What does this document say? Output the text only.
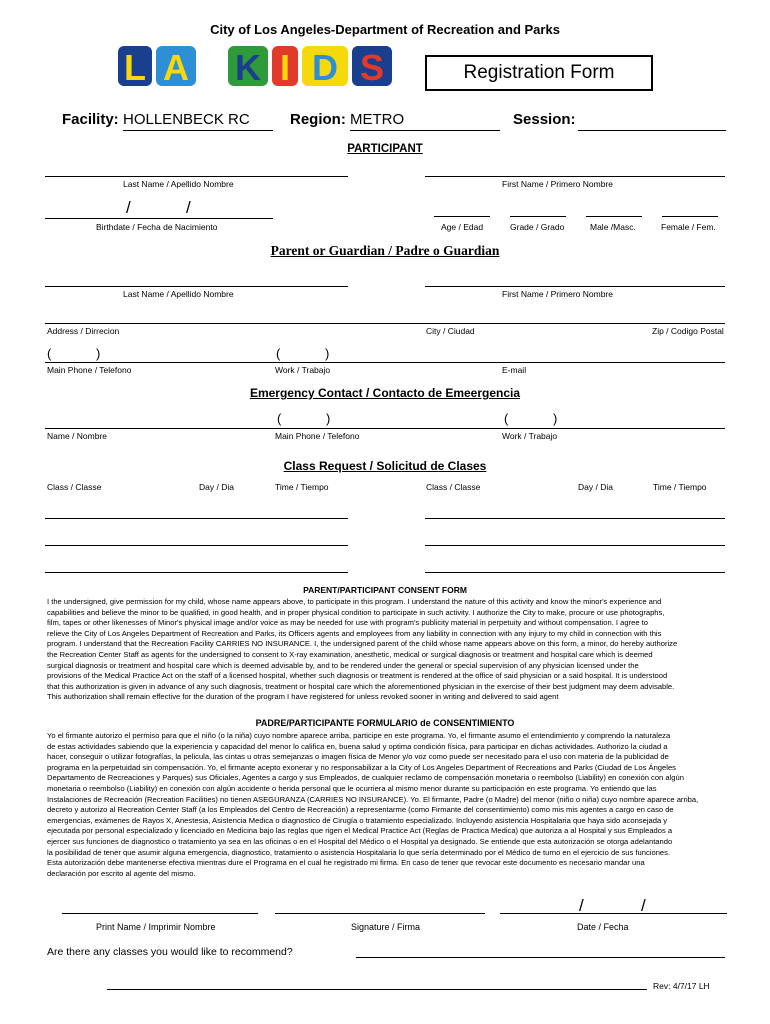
City of Los Angeles-Department of Recreation and Parks
L A K I D S	Registration Form
Facility: HOLLENBECK RC	Region: METRO	Session:
PARTICIPANT
Last Name / Apellido Nombre	First Name / Primero Nombre
/	/
Birthdate / Fecha de Nacimiento	Age / Edad	Grade / Grado	Male /Masc.	Female / Fem.
Parent or Guardian / Padre o Guardian
Last Name / Apellido Nombre	First Name / Primero Nombre
Address / Dirrecion	City / Ciudad	Zip / Codigo Postal
(	)	(	)
Main Phone / Telefono	Work / Trabajo	E-mail
Emergency Contact / Contacto de Emeergencia
(	)	(	)
Name / Nombre	Main Phone / Telefono	Work / Trabajo
Class Request / Solicitud de Clases
Class / Classe	Day / Dia	Time / Tiempo	Class / Classe	Day / Dia	Time / Tiempo
PARENT/PARTICIPANT CONSENT FORM
I the undersigned, give permission for my child, whose name appears above, to participate in this program. I understand the nature of this activity and know the minor's experience and
capabilities and believe the minor to be qualified, in good health, and in proper physical condition to participate in such activity. I authorize the City to make, procure or use photographs,
film, tapes or other likenesses of Minor's physical image and/or voice as may be needed for use with program's publicity material in perpetuity and without compensation. I agree to
relieve the City of Los Angeles Department of Recreation and Parks, its Officers agents and employees from any liability in connection with any injury to my child in connection with this
program. I understand that the Recreation Facility CARRIES NO INSURANCE. I, the undersigned parent of the child whose name appears above on this form, a minor, do hereby authorize
the Recreation Center Staff as agents for the undersigned to consent to X-ray examination, anesthetic, medical or surgical diagnosis or treatment and hospital care which is deemed
surgical diagnosis or treatment and hospital care which is deemed advisable by, and to be rendered under the general or special supervision of any physician licensed under the
provisions of the Medical Practice Act on the staff of a licensed hospital, whether such diagnosis or treatment is rendered at the office of said physician or a said hospital. It is understood
that this authorization is given in advance of any such diagnosis, treatment or hospital care which the aforementioned physician in the exercise of their best judgment may deem advisable.
This authorization shall remain effective for the duration of the program I have registered for unless revoked sooner in writing and delivered to said agent
PADRE/PARTICIPANTE FORMULARIO de CONSENTIMIENTO
Yo el firmante autorizo el permiso para que el niño (o la niña) cuyo nombre aparece arriba, participe en este programa. Yo, el firmante asumo el entendimiento y comprendo la naturaleza
de estas actividades sabiendo que la experiencia y capacidad del menor lo califica en, buena salud y optima condición física, para participar en dichas actividades. Authorizo la ciudad a
hacer, conseguir o utilizar fotografías, la pelicula, las cintas u otras semejanzas o imagen física de Menor y/o voz como puede ser necesitado para el uso con materia de la publicidad de
programa en la perpetuidad sin compensación. Yo, el firmante acepto exonerar y no responsabilizar a la City of Los Angeles Department of Recreations and Parks (Ciudad de Los Ángeles
Departamento de Recreaciones y Parques) sus Oficiales, Agentes a cargo y sus Empleados, de cualquier reclamo de compensación monetaria o reembolso (Liability) en conexión con algún
monetaria o reembolso (Liability) en conexión con algún accidente o herida personal que le ocurriera al mismo menor durante su participación en este programa. Yo entiendo que las
Instalaciones de Recreación (Recreation Facilities) no tienen ASEGURANZA (CARRIES NO INSURANCE). Yo. El firmante, Padre (o Madre) del menor (niño o niña) cuyo nombre aparece arriba,
decreto y autorizo al Recreation Center Staff (a los Empleados del Centro de Recreación) a representarme (como Firmante del consentimiento) como mis mis agentes a cargo en caso de
emergencias, exámenes de Rayos X, Anestesia, Asistencia Medica o diagnostico de Cirugía o tratamiento especializado. Incluyendo asistencia Hospitalaria que haya sido aconsejada y
ejecutada por personal especializado y licenciado en Medicina bajo las reglas que rigen el Medical Practice Act (Reglas de Practica Medica) que autoriza a al Hospital y sus Empleados a
ejercer sus funciones de diagnostico o tratamiento ya sea en las oficinas o en el Hospital del Médico o el Hospital ya designado. Se entiende que esta autorización se otorga adelantando
la posibilidad de tener que asumir alguna emergencia, diagnostico, tratamiento o asistencia Hospitalaria lo que sería determinado por el Médico de turno en el ejercicio de sus funciones.
Esta autorización debe mantenerse efectiva mientras dure el Programa en el cual he registrado mi firma. En caso de tener que revocar este documento es necesario mandar una
declaración por escrito al agente del mismo.
/	/
Print Name / Imprimir Nombre	Signature / Firma	Date / Fecha
Are there any classes you would like to recommend?
Rev: 4/7/17 LH
